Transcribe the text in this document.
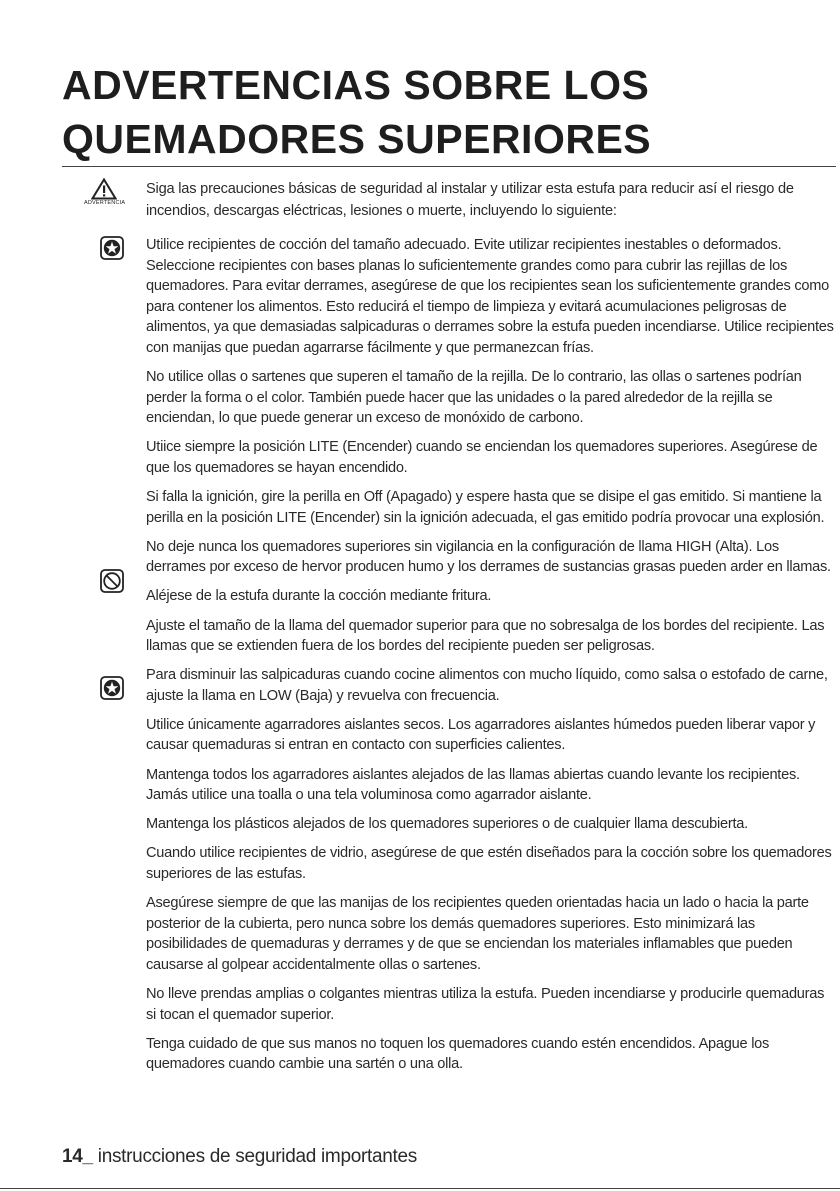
ADVERTENCIAS SOBRE LOS
QUEMADORES SUPERIORES
ADVERTENCIA
Siga las precauciones básicas de seguridad al instalar y utilizar esta estufa para reducir así el riesgo de incendios, descargas eléctricas, lesiones o muerte, incluyendo lo siguiente:

Utilice recipientes de cocción del tamaño adecuado. Evite utilizar recipientes inestables o deformados. Seleccione recipientes con bases planas lo suficientemente grandes como para cubrir las rejillas de los quemadores. Para evitar derrames, asegúrese de que los recipientes sean los suficientemente grandes como para contener los alimentos. Esto reducirá el tiempo de limpieza y evitará acumulaciones peligrosas de alimentos, ya que demasiadas salpicaduras o derrames sobre la estufa pueden incendiarse. Utilice recipientes con manijas que puedan agarrarse fácilmente y que permanezcan frías.

No utilice ollas o sartenes que superen el tamaño de la rejilla. De lo contrario, las ollas o sartenes podrían perder la forma o el color. También puede hacer que las unidades o la pared alrededor de la rejilla se enciendan, lo que puede generar un exceso de monóxido de carbono.

Utiice siempre la posición LITE (Encender) cuando se enciendan los quemadores superiores. Asegúrese de que los quemadores se hayan encendido.

Si falla la ignición, gire la perilla en Off (Apagado) y espere hasta que se disipe el gas emitido. Si mantiene la perilla en la posición LITE (Encender) sin la ignición adecuada, el gas emitido podría provocar una explosión.

No deje nunca los quemadores superiores sin vigilancia en la configuración de llama HIGH (Alta). Los derrames por exceso de hervor producen humo y los derrames de sustancias grasas pueden arder en llamas.

Aléjese de la estufa durante la cocción mediante fritura.

Ajuste el tamaño de la llama del quemador superior para que no sobresalga de los bordes del recipiente. Las llamas que se extienden fuera de los bordes del recipiente pueden ser peligrosas.

Para disminuir las salpicaduras cuando cocine alimentos con mucho líquido, como salsa o estofado de carne, ajuste la llama en LOW (Baja) y revuelva con frecuencia.

Utilice únicamente agarradores aislantes secos. Los agarradores aislantes húmedos pueden liberar vapor y causar quemaduras si entran en contacto con superficies calientes.

Mantenga todos los agarradores aislantes alejados de las llamas abiertas cuando levante los recipientes. Jamás utilice una toalla o una tela voluminosa como agarrador aislante.

Mantenga los plásticos alejados de los quemadores superiores o de cualquier llama descubierta.

Cuando utilice recipientes de vidrio, asegúrese de que estén diseñados para la cocción sobre los quemadores superiores de las estufas.

Asegúrese siempre de que las manijas de los recipientes queden orientadas hacia un lado o hacia la parte posterior de la cubierta, pero nunca sobre los demás quemadores superiores. Esto minimizará las posibilidades de quemaduras y derrames y de que se enciendan los materiales inflamables que pueden causarse al golpear accidentalmente ollas o sartenes.

No lleve prendas amplias o colgantes mientras utiliza la estufa. Pueden incendiarse y producirle quemaduras si tocan el quemador superior.

Tenga cuidado de que sus manos no toquen los quemadores cuando estén encendidos. Apague los quemadores cuando cambie una sartén o una olla.

14_ instrucciones de seguridad importantes
